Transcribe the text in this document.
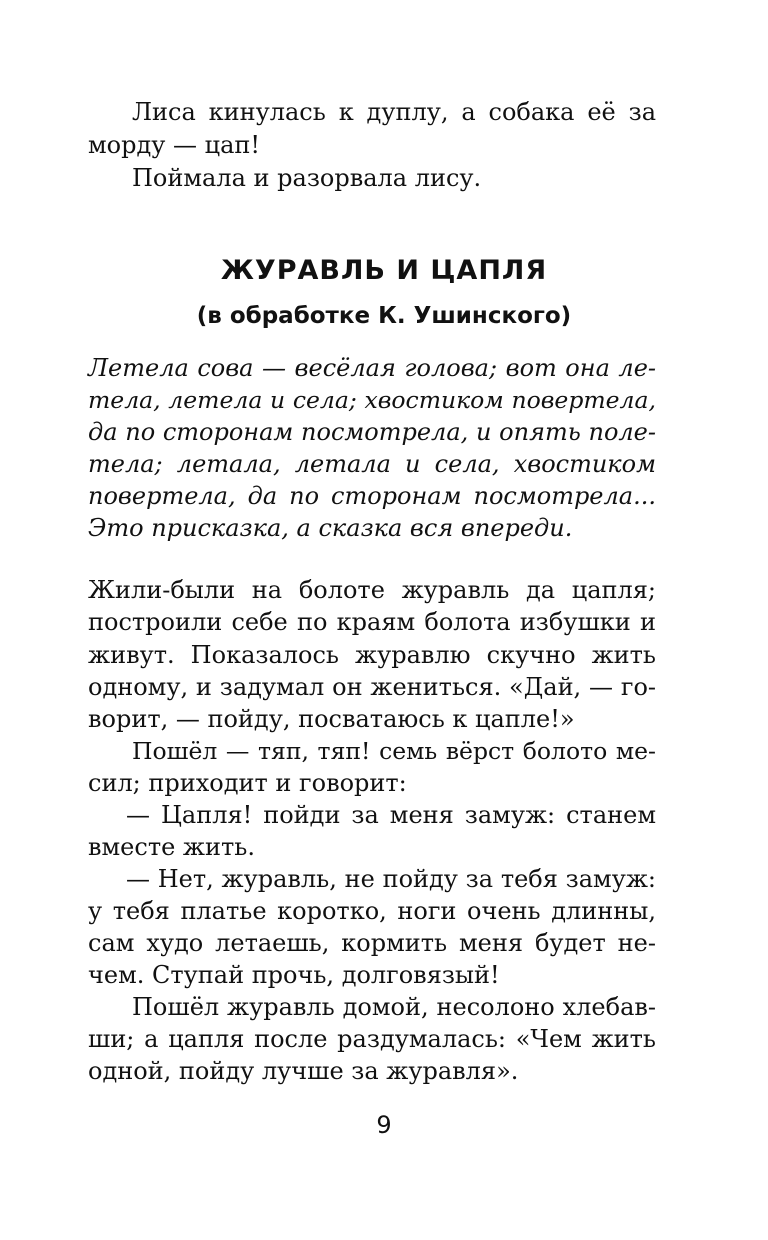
Лиса кинулась к дуплу, а собака её за

морду — цап!

Поймала и разорвала лису.

ЖУРАВЛЬ И ЦАПЛЯ
(в обработке К. Ушинского)

Летела сова — весёлая голова; вот она ле-

тела, летела и села; хвостиком повертела,

да по сторонам посмотрела, и опять поле-

тела; летала, летала и села, хвостиком

повертела, да по сторонам посмотрела...

Это присказка, а сказка вся впереди.

Жили-были на болоте журавль да цапля;

построили себе по краям болота избушки и

живут. Показалось журавлю скучно жить

одному, и задумал он жениться. «Дай, — го-

ворит, — пойду, посватаюсь к цапле!»

Пошёл — тяп, тяп! семь вёрст болото ме-

сил; приходит и говорит:

— Цапля! пойди за меня замуж: станем

вместе жить.

— Нет, журавль, не пойду за тебя замуж:

у тебя платье коротко, ноги очень длинны,

сам худо летаешь, кормить меня будет не-

чем. Ступай прочь, долговязый!

Пошёл журавль домой, несолоно хлебав-

ши; а цапля после раздумалась: «Чем жить

одной, пойду лучше за журавля».

9
